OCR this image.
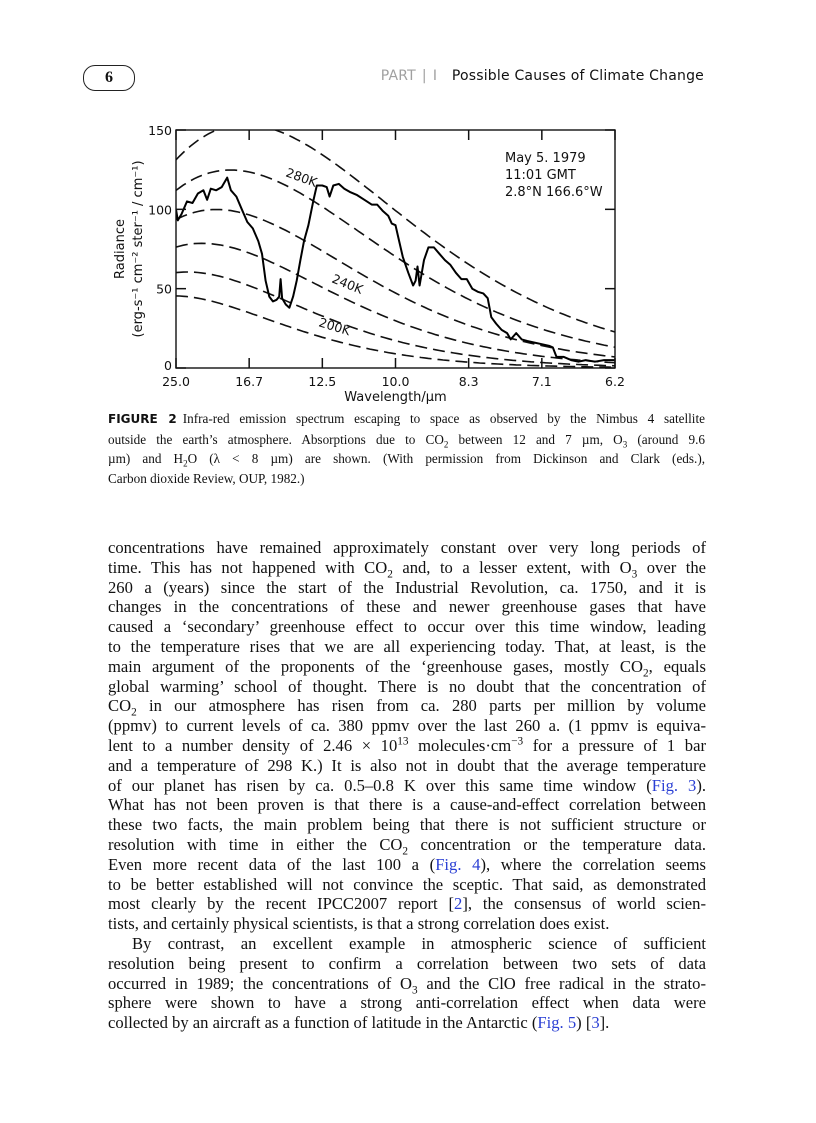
6	PART | I Possible Causes of Climate Change
25.0	16.7	12.5	10.0	8.3	7.1	6.2
0
50
100
150
Wavelength/µm
Radiance (erg-s⁻¹ cm⁻² ster⁻¹ / cm⁻¹)
May 5. 1979
11:01 GMT
2.8°N 166.6°W
280K
240K
200K
FIGURE 2 Infra-red emission spectrum escaping to space as observed by the Nimbus 4 satellite
outside the earth’s atmosphere. Absorptions due to $CO_2$ between 12 and 7 µm, $O_3$ (around 9.6
µm) and $H_2O$ (λ < 8 µm) are shown. (With permission from Dickinson and Clark (eds.),
Carbon dioxide Review, OUP, 1982.)
concentrations have remained approximately constant over very long periods of
time. This has not happened with $CO_2$ and, to a lesser extent, with $O_3$ over the
260 a (years) since the start of the Industrial Revolution, ca. 1750, and it is
changes in the concentrations of these and newer greenhouse gases that have
caused a ‘secondary’ greenhouse effect to occur over this time window, leading
to the temperature rises that we are all experiencing today. That, at least, is the
main argument of the proponents of the ‘greenhouse gases, mostly $CO_2$, equals
global warming’ school of thought. There is no doubt that the concentration of
$CO_2$ in our atmosphere has risen from ca. 280 parts per million by volume
(ppmv) to current levels of ca. 380 ppmv over the last 260 a. (1 ppmv is equiva-
lent to a number density of $2.46 \times 10^{13}$ $molecules\cdot cm^{-3}$ for a pressure of 1 bar
and a temperature of 298 K.) It is also not in doubt that the average temperature
of our planet has risen by ca. 0.5–0.8 K over this same time window (Fig. 3).
What has not been proven is that there is a cause-and-effect correlation between
these two facts, the main problem being that there is not sufficient structure or
resolution with time in either the $CO_2$ concentration or the temperature data.
Even more recent data of the last 100 a (Fig. 4), where the correlation seems
to be better established will not convince the sceptic. That said, as demonstrated
most clearly by the recent IPCC2007 report [2], the consensus of world scien-
tists, and certainly physical scientists, is that a strong correlation does exist.
By contrast, an excellent example in atmospheric science of sufficient
resolution being present to confirm a correlation between two sets of data
occurred in 1989; the concentrations of $O_3$ and the ClO free radical in the strato-
sphere were shown to have a strong anti-correlation effect when data were
collected by an aircraft as a function of latitude in the Antarctic (Fig. 5) [3].
